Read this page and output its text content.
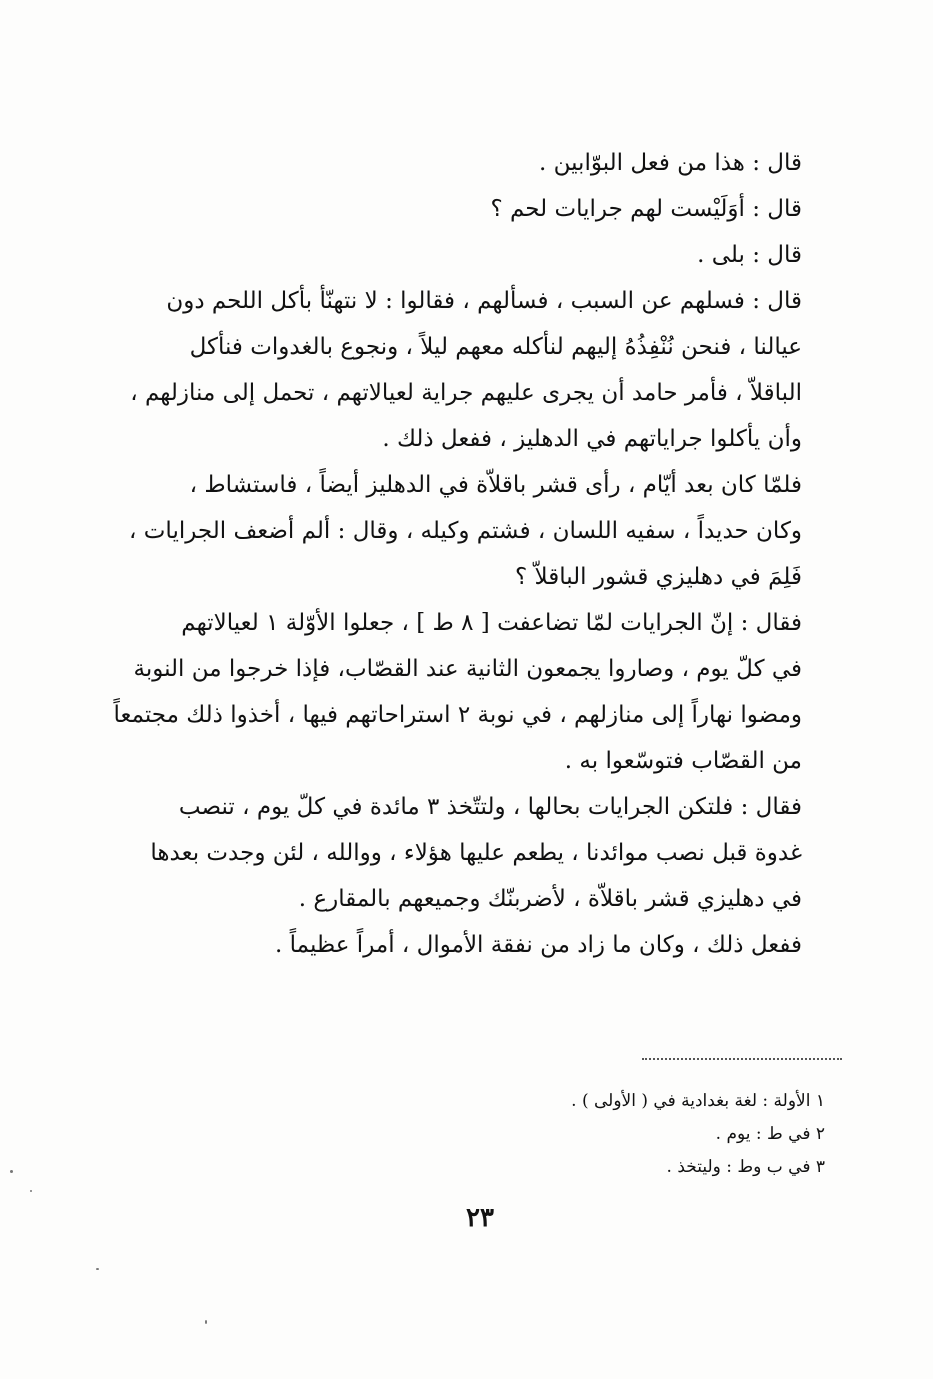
قال : هذا من فعل البوّابين .
قال : أوَلَيْست لهم جرايات لحم ؟
قال : بلى .
قال : فسلهم عن السبب ، فسألهم ، فقالوا : لا نتهنّأ بأكل اللحم دون
عيالنا ، فنحن نُنْفِذُهُ إليهم لنأكله معهم ليلاً ، ونجوع بالغدوات فنأكل
الباقلاّ ، فأمر حامد أن يجرى عليهم جراية لعيالاتهم ، تحمل إلى منازلهم ،
وأن يأكلوا جراياتهم في الدهليز ، ففعل ذلك .
فلمّا كان بعد أيّام ، رأى قشر باقلاّة في الدهليز أيضاً ، فاستشاط ،
وكان حديداً ، سفيه اللسان ، فشتم وكيله ، وقال : ألم أضعف الجرايات ،
فَلِمَ في دهليزي قشور الباقلاّ ؟
فقال : إنّ الجرايات لمّا تضاعفت [ ٨ ط ] ، جعلوا الأوّلة ١ لعيالاتهم
في كلّ يوم ، وصاروا يجمعون الثانية عند القصّاب، فإذا خرجوا من النوبة
ومضوا نهاراً إلى منازلهم ، في نوبة ٢ استراحاتهم فيها ، أخذوا ذلك مجتمعاً
من القصّاب فتوسّعوا به .
فقال : فلتكن الجرايات بحالها ، ولتتّخذ ٣ مائدة في كلّ يوم ، تنصب
غدوة قبل نصب موائدنا ، يطعم عليها هؤلاء ، ووالله ، لئن وجدت بعدها
في دهليزي قشر باقلاّة ، لأضربنّك وجميعهم بالمقارع .
ففعل ذلك ، وكان ما زاد من نفقة الأموال ، أمراً عظيماً .
١ الأولة : لغة بغدادية في ( الأولى ) .
٢ في ط : يوم .
٣ في ب وط : وليتخذ .
٢٣
